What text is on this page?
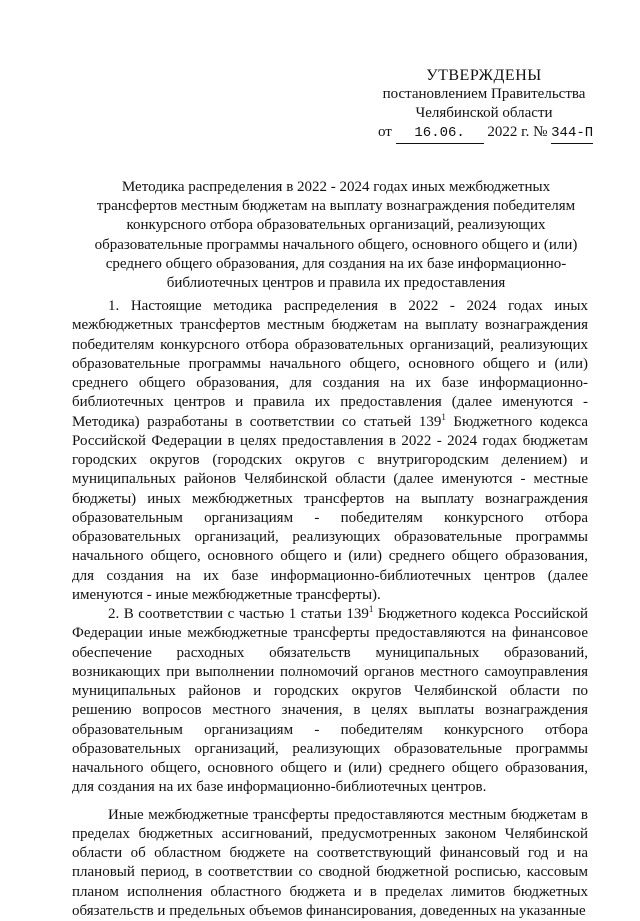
УТВЕРЖДЕНЫ
постановлением Правительства
Челябинской области
от 16.06. 2022 г. № 344-П
Методика распределения в 2022 - 2024 годах иных межбюджетных трансфертов местным бюджетам на выплату вознаграждения победителям конкурсного отбора образовательных организаций, реализующих образовательные программы начального общего, основного общего и (или) среднего общего образования, для создания на их базе информационно-библиотечных центров и правила их предоставления

1. Настоящие методика распределения в 2022 - 2024 годах иных межбюджетных трансфертов местным бюджетам на выплату вознаграждения победителям конкурсного отбора образовательных организаций, реализующих образовательные программы начального общего, основного общего и (или) среднего общего образования, для создания на их базе информационно-библиотечных центров и правила их предоставления (далее именуются - Методика) разработаны в соответствии со статьей $139^1$ Бюджетного кодекса Российской Федерации в целях предоставления в 2022 - 2024 годах бюджетам городских округов (городских округов с внутригородским делением) и муниципальных районов Челябинской области (далее именуются - местные бюджеты) иных межбюджетных трансфертов на выплату вознаграждения образовательным организациям - победителям конкурсного отбора образовательных организаций, реализующих образовательные программы начального общего, основного общего и (или) среднего общего образования, для создания на их базе информационно-библиотечных центров (далее именуются - иные межбюджетные трансферты).

2. В соответствии с частью 1 статьи $139^1$ Бюджетного кодекса Российской Федерации иные межбюджетные трансферты предоставляются на финансовое обеспечение расходных обязательств муниципальных образований, возникающих при выполнении полномочий органов местного самоуправления муниципальных районов и городских округов Челябинской области по решению вопросов местного значения, в целях выплаты вознаграждения образовательным организациям - победителям конкурсного отбора образовательных организаций, реализующих образовательные программы начального общего, основного общего и (или) среднего общего образования, для создания на их базе информационно-библиотечных центров.

Иные межбюджетные трансферты предоставляются местным бюджетам в пределах бюджетных ассигнований, предусмотренных законом Челябинской области об областном бюджете на соответствующий финансовый год и на плановый период, в соответствии со сводной бюджетной росписью, кассовым планом исполнения областного бюджета и в пределах лимитов бюджетных обязательств и предельных объемов финансирования, доведенных на указанные
